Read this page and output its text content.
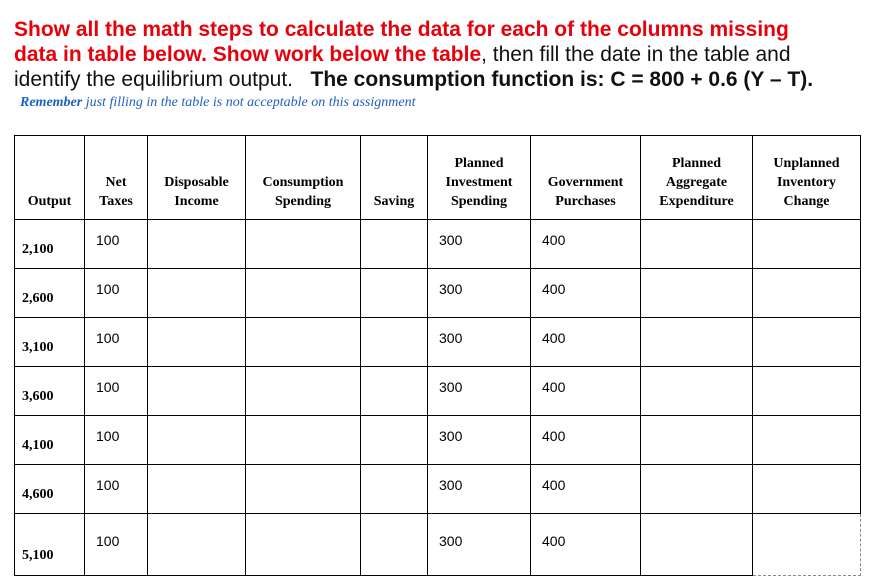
Show all the math steps to calculate the data for each of the columns missing
data in table below. Show work below the table, then fill the date in the table and
identify the equilibrium output. The consumption function is: C = 800 + 0.6 (Y – T).
Remember just filling in the table is not acceptable on this assignment
Output	Net Taxes	Disposable Income	Consumption Spending	Saving	Planned Investment Spending	Government Purchases	Planned Aggregate Expenditure	Unplanned Inventory Change

2,100	100				300	400		

2,600	100				300	400		

3,100	100				300	400		

3,600	100				300	400		

4,100	100				300	400		

4,600	100				300	400		

5,100	100				300	400		
